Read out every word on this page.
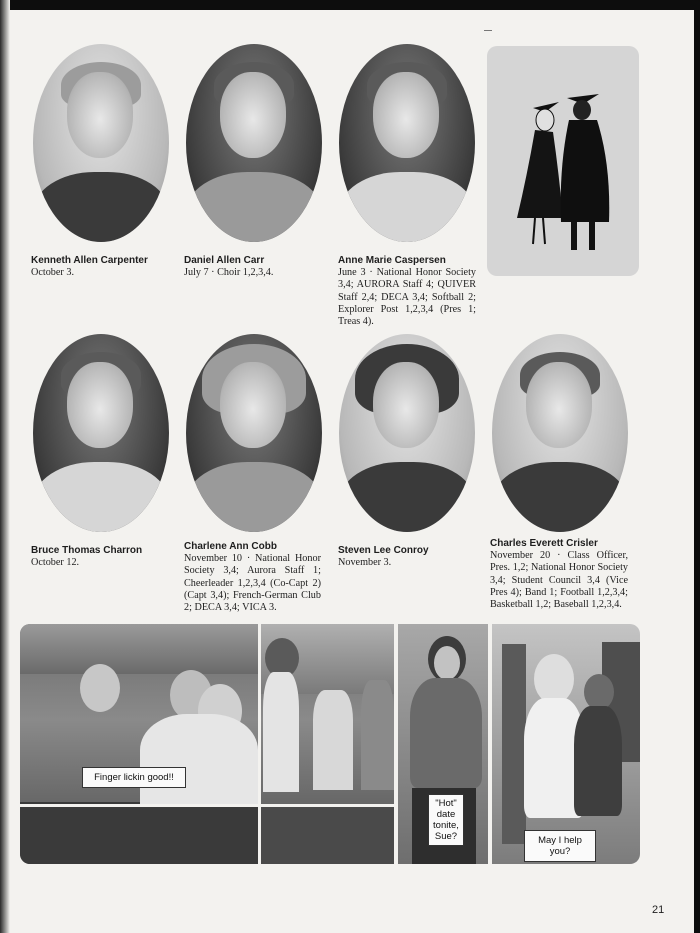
Kenneth Allen Carpenter
October 3.
Daniel Allen Carr
July 7 · Choir 1,2,3,4.
Anne Marie Caspersen
June 3 · National Honor Society 3,4; AURORA Staff 4; QUIVER Staff 2,4; DECA 3,4; Softball 2; Explorer Post 1,2,3,4 (Pres 1; Treas 4).
Bruce Thomas Charron
October 12.
Charlene Ann Cobb
November 10 · National Honor Society 3,4; Aurora Staff 1; Cheerleader 1,2,3,4 (Co-Capt 2) (Capt 3,4); French-German Club 2; DECA 3,4; VICA 3.
Steven Lee Conroy
November 3.
Charles Everett Crisler
November 20 · Class Officer, Pres. 1,2; National Honor Society 3,4; Student Council 3,4 (Vice Pres 4); Band 1; Football 1,2,3,4; Basketball 1,2; Baseball 1,2,3,4.
Finger lickin good!!
"Hot" date tonite, Sue?	May I help you?
21
